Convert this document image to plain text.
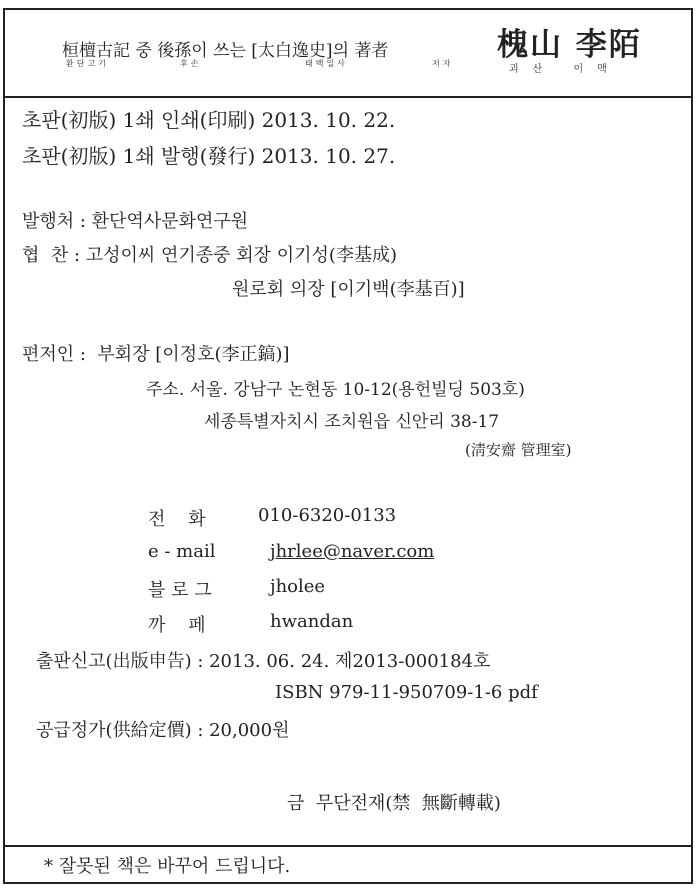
桓檀古記 중 後孫이 쓰는 [太白逸史]의 著者
환단고기	후손	태백일사	저자
槐山 李陌
괴산 이맥
초판(初版) 1쇄 인쇄(印刷) 2013. 10. 22.
초판(初版) 1쇄 발행(發行) 2013. 10. 27.
발행처 : 환단역사문화연구원
협  찬 : 고성이씨 연기종중 회장 이기성(李基成)
원로회 의장 [이기백(李基百)]
편저인 :  부회장 [이정호(李正鎬)]
주소. 서울. 강남구 논현동 10-12(용헌빌딩 503호)
세종특별자치시 조치원읍 신안리 38-17
(淸安齋 管理室)
전    화	010-6320-0133
e - mail	jhrlee@naver.com
블 로 그	jholee
까    페	hwandan
출판신고(出版申告) : 2013. 06. 24. 제2013-000184호
ISBN 979-11-950709-1-6 pdf
공급정가(供給定價) : 20,000원
금  무단전재(禁  無斷轉載)
* 잘못된 책은 바꾸어 드립니다.
